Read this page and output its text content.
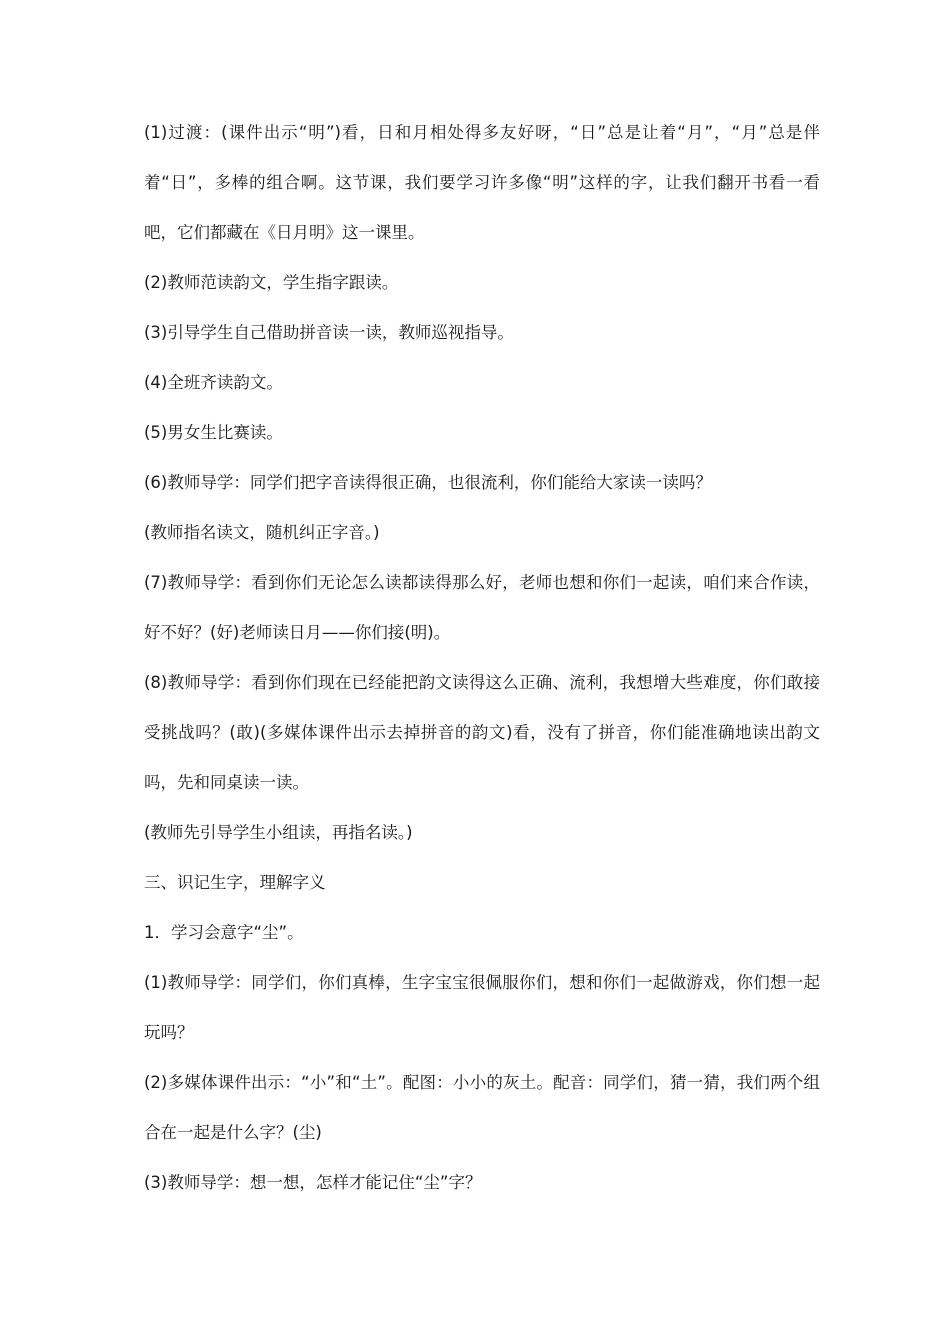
(1)过渡：(课件出示“明”)看，日和月相处得多友好呀，“日”总是让着“月”，“月”总是伴着“日”，多棒的组合啊。这节课，我们要学习许多像“明”这样的字，让我们翻开书看一看吧，它们都藏在《日月明》这一课里。

(2)教师范读韵文，学生指字跟读。

(3)引导学生自己借助拼音读一读，教师巡视指导。

(4)全班齐读韵文。

(5)男女生比赛读。

(6)教师导学：同学们把字音读得很正确，也很流利，你们能给大家读一读吗？

(教师指名读文，随机纠正字音。)

(7)教师导学：看到你们无论怎么读都读得那么好，老师也想和你们一起读，咱们来合作读，好不好？(好)老师读日月——你们接(明)。

(8)教师导学：看到你们现在已经能把韵文读得这么正确、流利，我想增大些难度，你们敢接受挑战吗？(敢)(多媒体课件出示去掉拼音的韵文)看，没有了拼音，你们能准确地读出韵文吗，先和同桌读一读。

(教师先引导学生小组读，再指名读。)

三、识记生字，理解字义

1．学习会意字“尘”。

(1)教师导学：同学们，你们真棒，生字宝宝很佩服你们，想和你们一起做游戏，你们想一起玩吗？

(2)多媒体课件出示：“小”和“土”。配图：小小的灰土。配音：同学们，猜一猜，我们两个组合在一起是什么字？(尘)

(3)教师导学：想一想，怎样才能记住“尘”字？
